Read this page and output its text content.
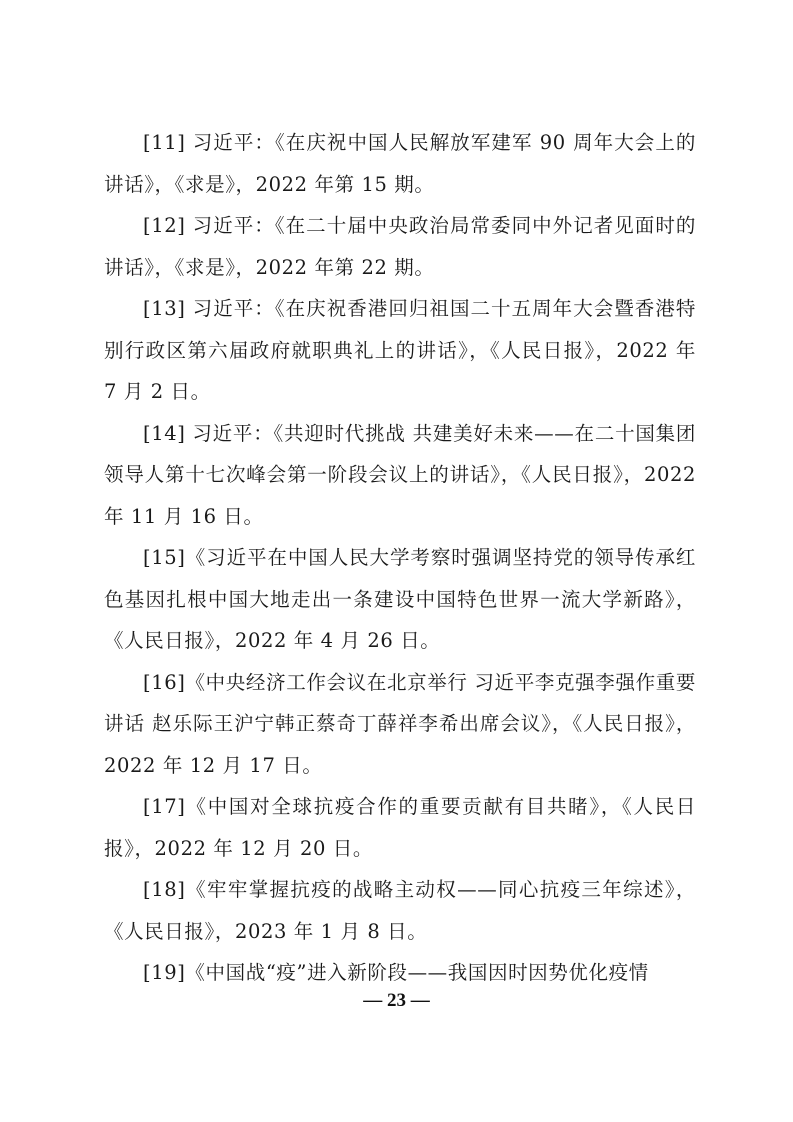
[11] 习近平：《在庆祝中国人民解放军建军 90 周年大会上的讲话》，《求是》，2022 年第 15 期。

[12] 习近平：《在二十届中央政治局常委同中外记者见面时的讲话》，《求是》，2022 年第 22 期。

[13] 习近平：《在庆祝香港回归祖国二十五周年大会暨香港特别行政区第六届政府就职典礼上的讲话》，《人民日报》，2022 年 7 月 2 日。

[14] 习近平：《共迎时代挑战 共建美好未来——在二十国集团领导人第十七次峰会第一阶段会议上的讲话》，《人民日报》，2022 年 11 月 16 日。

[15]《习近平在中国人民大学考察时强调坚持党的领导传承红色基因扎根中国大地走出一条建设中国特色世界一流大学新路》，《人民日报》，2022 年 4 月 26 日。

[16]《中央经济工作会议在北京举行 习近平李克强李强作重要讲话 赵乐际王沪宁韩正蔡奇丁薛祥李希出席会议》，《人民日报》，2022 年 12 月 17 日。

[17]《中国对全球抗疫合作的重要贡献有目共睹》，《人民日报》，2022 年 12 月 20 日。

[18]《牢牢掌握抗疫的战略主动权——同心抗疫三年综述》，《人民日报》，2023 年 1 月 8 日。

[19]《中国战“疫”进入新阶段——我国因时因势优化疫情

— 23 —
